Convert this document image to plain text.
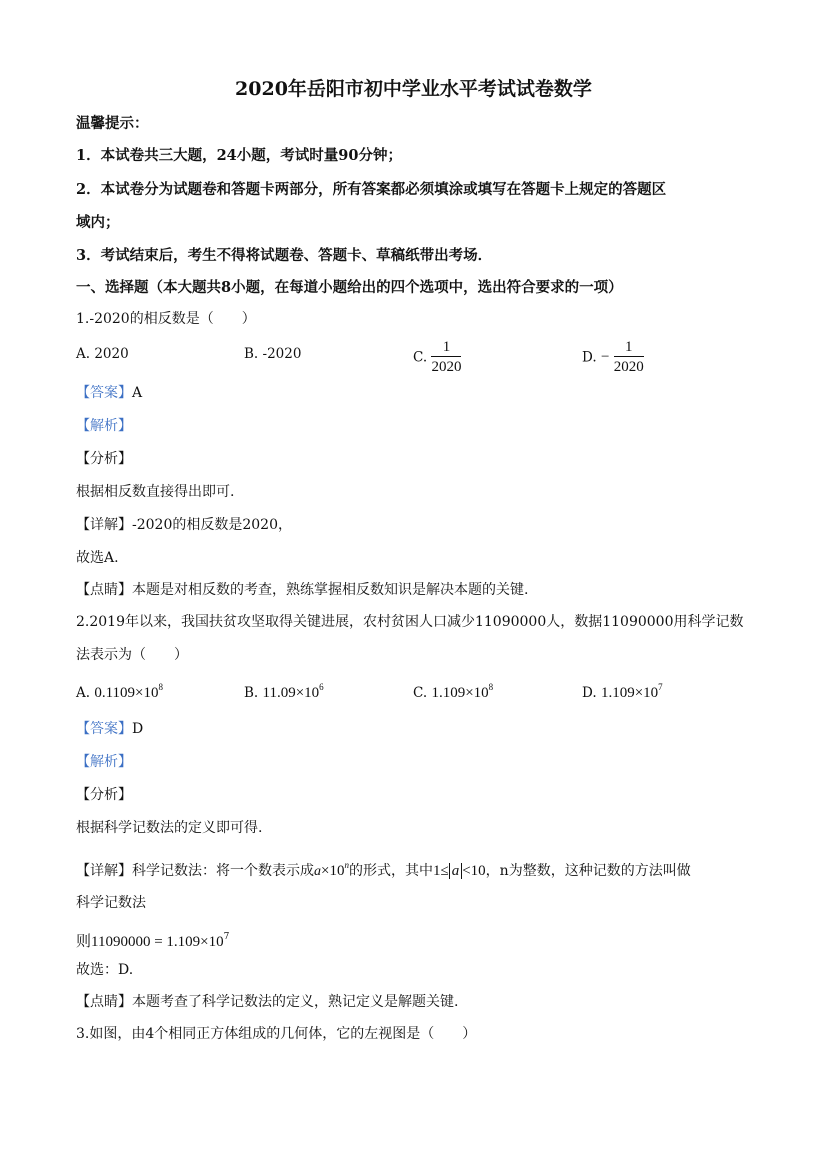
2020年岳阳市初中学业水平考试试卷数学
温馨提示：
1．本试卷共三大题，24小题，考试时量90分钟；
2．本试卷分为试题卷和答题卡两部分，所有答案都必须填涂或填写在答题卡上规定的答题区
域内；
3．考试结束后，考生不得将试题卷、答题卡、草稿纸带出考场．
一、选择题（本大题共8小题，在每道小题给出的四个选项中，选出符合要求的一项）
1.-2020的相反数是（　　）
A. 2020	B. -2020	C. $\frac{1}{2020}$	D. − $\frac{1}{2020}$
【答案】A
【解析】
【分析】
根据相反数直接得出即可.
【详解】-2020的相反数是2020，
故选A.
【点睛】本题是对相反数的考查，熟练掌握相反数知识是解决本题的关键.
2.2019年以来，我国扶贫攻坚取得关键进展，农村贫困人口减少11090000人，数据11090000用科学记数
法表示为（　　）
A. $0.1109\times 10^8$	B. $11.09\times 10^6$	C. $1.109\times 10^8$	D. $1.109\times 10^7$
【答案】D
【解析】
【分析】
根据科学记数法的定义即可得.
【详解】科学记数法：将一个数表示成$a\times 10^n$的形式，其中1≤ a <10，n为整数，这种记数的方法叫做
科学记数法
则$11090000 = 1.109\times 10^7$
故选：D.
【点睛】本题考查了科学记数法的定义，熟记定义是解题关键.
3.如图，由4个相同正方体组成的几何体，它的左视图是（　　）
